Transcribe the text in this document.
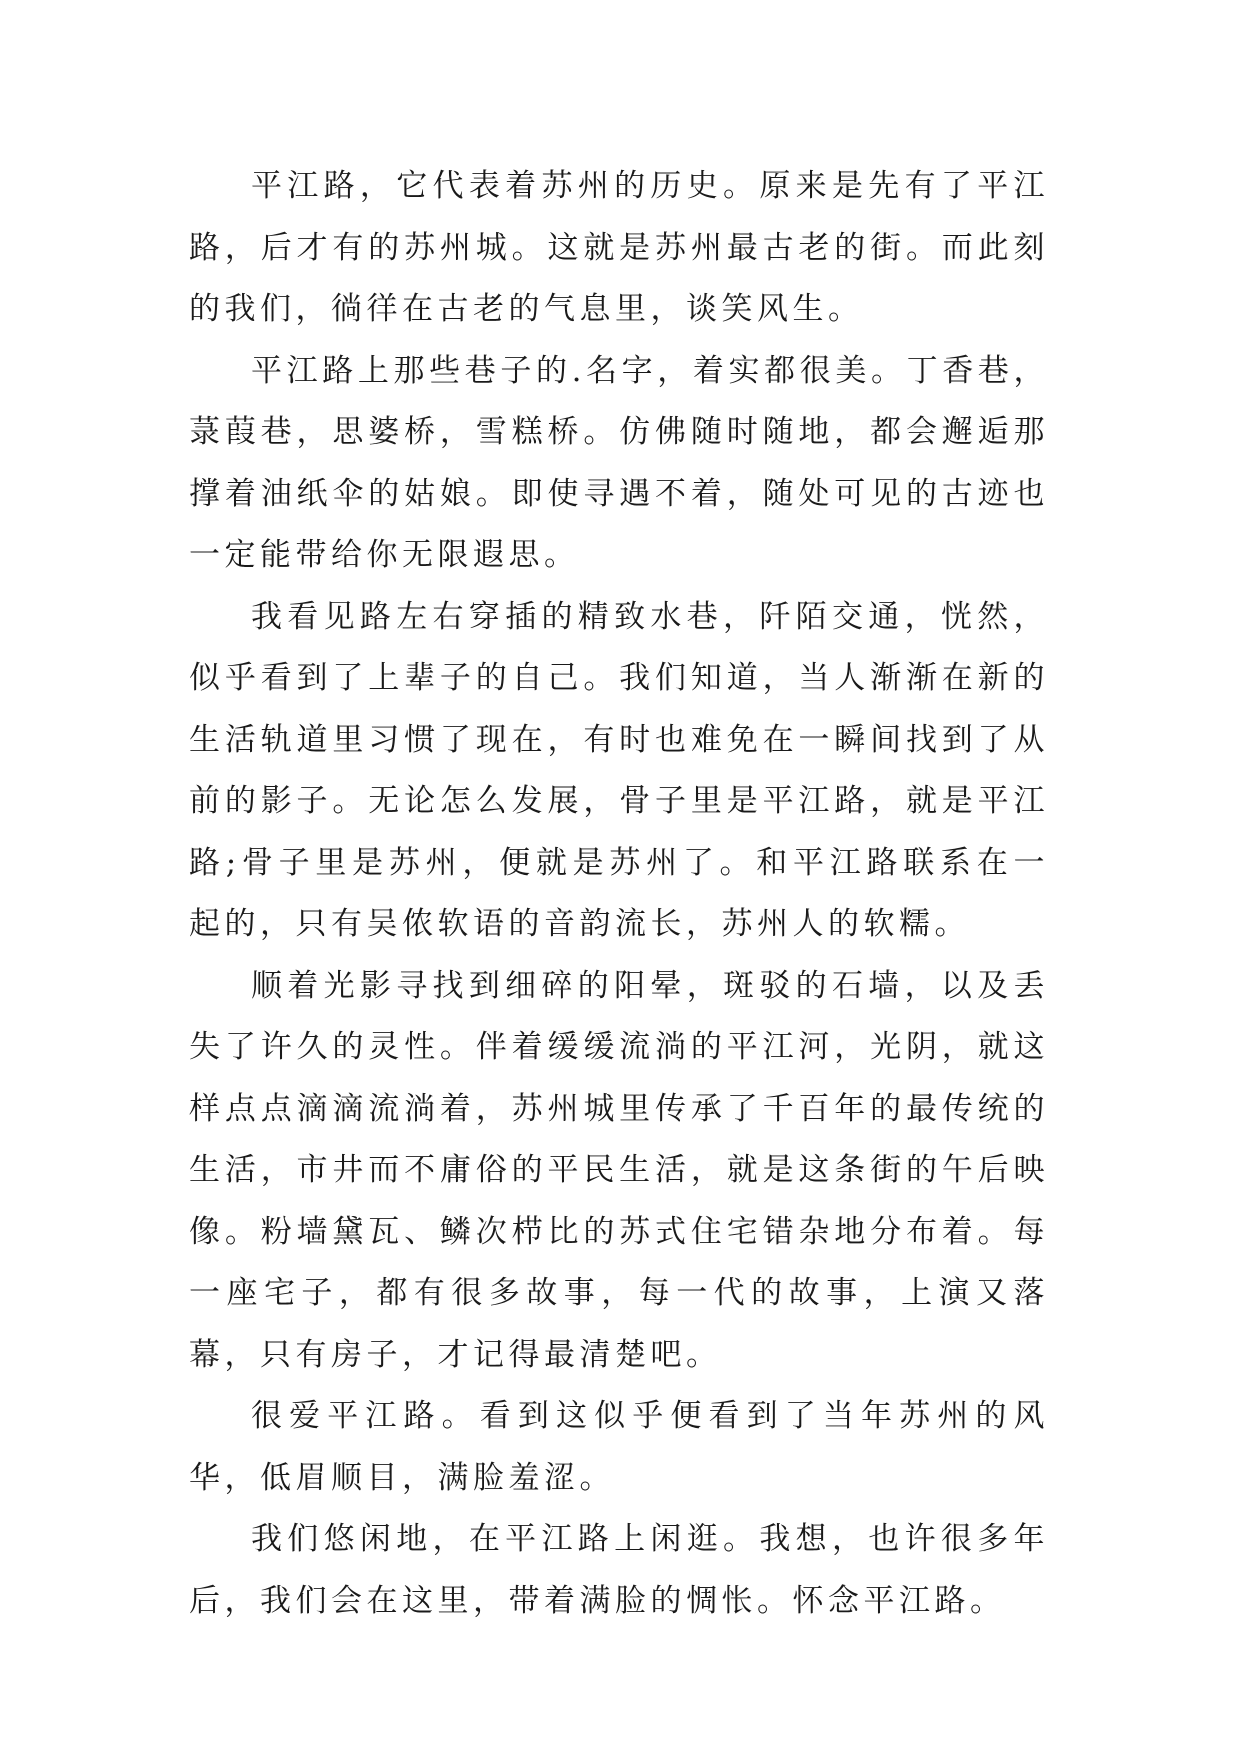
平江路，它代表着苏州的历史。原来是先有了平江路，后才有的苏州城。这就是苏州最古老的街。而此刻的我们，徜徉在古老的气息里，谈笑风生。

平江路上那些巷子的.名字，着实都很美。丁香巷，菉葭巷，思婆桥，雪糕桥。仿佛随时随地，都会邂逅那撑着油纸伞的姑娘。即使寻遇不着，随处可见的古迹也一定能带给你无限遐思。

我看见路左右穿插的精致水巷，阡陌交通，恍然，似乎看到了上辈子的自己。我们知道，当人渐渐在新的生活轨道里习惯了现在，有时也难免在一瞬间找到了从前的影子。无论怎么发展，骨子里是平江路，就是平江路;骨子里是苏州，便就是苏州了。和平江路联系在一起的，只有吴侬软语的音韵流长，苏州人的软糯。

顺着光影寻找到细碎的阳晕，斑驳的石墙，以及丢失了许久的灵性。伴着缓缓流淌的平江河，光阴，就这样点点滴滴流淌着，苏州城里传承了千百年的最传统的生活，市井而不庸俗的平民生活，就是这条街的午后映像。粉墙黛瓦、鳞次栉比的苏式住宅错杂地分布着。每一座宅子，都有很多故事，每一代的故事，上演又落幕，只有房子，才记得最清楚吧。

很爱平江路。看到这似乎便看到了当年苏州的风华，低眉顺目，满脸羞涩。

我们悠闲地，在平江路上闲逛。我想，也许很多年后，我们会在这里，带着满脸的惆怅。怀念平江路。
